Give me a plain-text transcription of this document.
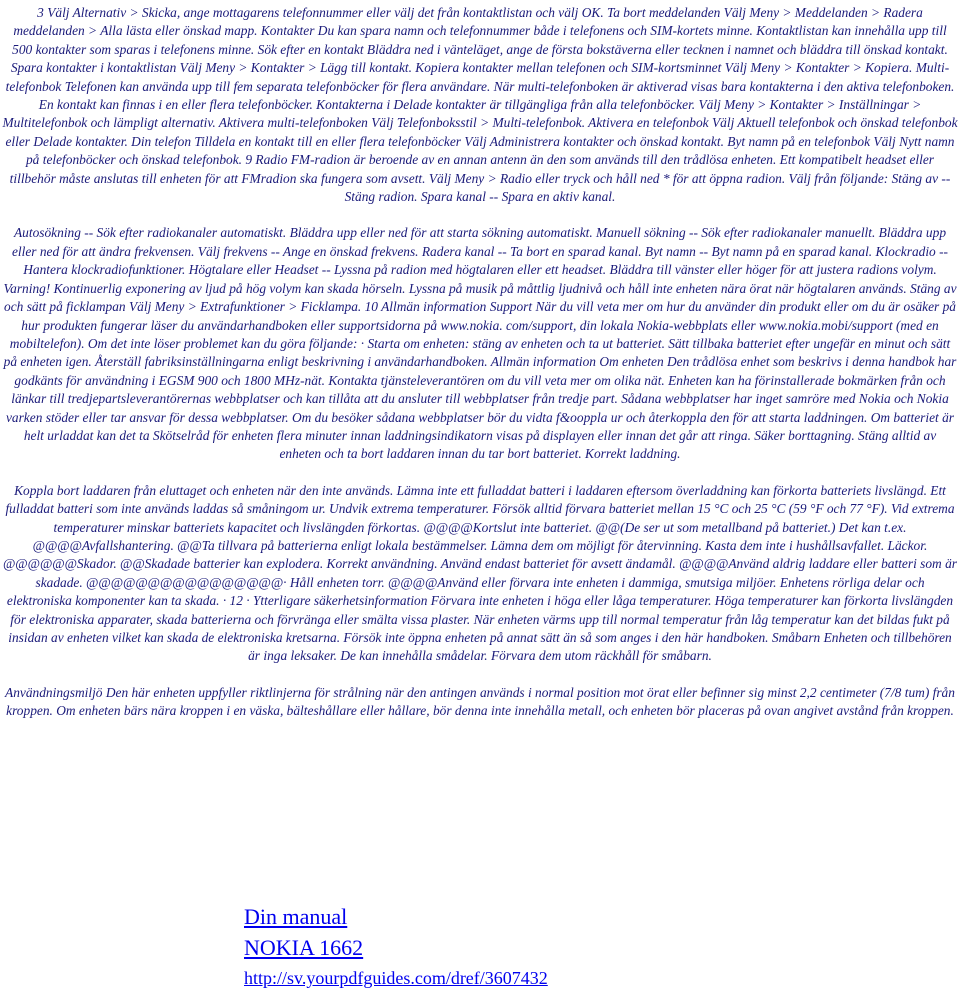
3 Välj Alternativ > Skicka, ange mottagarens telefonnummer eller välj det från kontaktlistan och välj OK. Ta bort meddelanden Välj Meny > Meddelanden > Radera meddelanden > Alla lästa eller önskad mapp. Kontakter Du kan spara namn och telefonnummer både i telefonens och SIM-kortets minne. Kontaktlistan kan innehålla upp till 500 kontakter som sparas i telefonens minne. Sök efter en kontakt Bläddra ned i vänteläget, ange de första bokstäverna eller tecknen i namnet och bläddra till önskad kontakt. Spara kontakter i kontaktlistan Välj Meny > Kontakter > Lägg till kontakt. Kopiera kontakter mellan telefonen och SIM-kortsminnet Välj Meny > Kontakter > Kopiera. Multi-telefonbok Telefonen kan använda upp till fem separata telefonböcker för flera användare. När multi-telefonboken är aktiverad visas bara kontakterna i den aktiva telefonboken. En kontakt kan finnas i en eller flera telefonböcker. Kontakterna i Delade kontakter är tillgängliga från alla telefonböcker. Välj Meny > Kontakter > Inställningar > Multitelefonbok och lämpligt alternativ. Aktivera multi-telefonboken Välj Telefonboksstil > Multi-telefonbok. Aktivera en telefonbok Välj Aktuell telefonbok och önskad telefonbok eller Delade kontakter. Din telefon Tilldela en kontakt till en eller flera telefonböcker Välj Administrera kontakter och önskad kontakt. Byt namn på en telefonbok Välj Nytt namn på telefonböcker och önskad telefonbok. 9 Radio FM-radion är beroende av en annan antenn än den som används till den trådlösa enheten. Ett kompatibelt headset eller tillbehör måste anslutas till enheten för att FMradion ska fungera som avsett. Välj Meny > Radio eller tryck och håll ned * för att öppna radion. Välj från följande: Stäng av -- Stäng radion. Spara kanal -- Spara en aktiv kanal.

Autosökning -- Sök efter radiokanaler automatiskt. Bläddra upp eller ned för att starta sökning automatiskt. Manuell sökning -- Sök efter radiokanaler manuellt. Bläddra upp eller ned för att ändra frekvensen. Välj frekvens -- Ange en önskad frekvens. Radera kanal -- Ta bort en sparad kanal. Byt namn -- Byt namn på en sparad kanal. Klockradio -- Hantera klockradiofunktioner. Högtalare eller Headset -- Lyssna på radion med högtalaren eller ett headset. Bläddra till vänster eller höger för att justera radions volym. Varning! Kontinuerlig exponering av ljud på hög volym kan skada hörseln. Lyssna på musik på måttlig ljudnivå och håll inte enheten nära örat när högtalaren används. Stäng av och sätt på ficklampan Välj Meny > Extrafunktioner > Ficklampa. 10 Allmän information Support När du vill veta mer om hur du använder din produkt eller om du är osäker på hur produkten fungerar läser du användarhandboken eller supportsidorna på www.nokia. com/support, din lokala Nokia-webbplats eller www.nokia.mobi/support (med en mobiltelefon). Om det inte löser problemet kan du göra följande: · Starta om enheten: stäng av enheten och ta ut batteriet. Sätt tillbaka batteriet efter ungefär en minut och sätt på enheten igen. Återställ fabriksinställningarna enligt beskrivning i användarhandboken. Allmän information Om enheten Den trådlösa enhet som beskrivs i denna handbok har godkänts för användning i EGSM 900 och 1800 MHz-nät. Kontakta tjänsteleverantören om du vill veta mer om olika nät. Enheten kan ha förinstallerade bokmärken från och länkar till tredjepartsleverantörernas webbplatser och kan tillåta att du ansluter till webbplatser från tredje part. Sådana webbplatser har inget samröre med Nokia och Nokia varken stöder eller tar ansvar för dessa webbplatser. Om du besöker sådana webbplatser bör du vidta f&ooppla ur och återkoppla den för att starta laddningen. Om batteriet är helt urladdat kan det ta Skötselråd för enheten flera minuter innan laddningsindikatorn visas på displayen eller innan det går att ringa. Säker borttagning. Stäng alltid av enheten och ta bort laddaren innan du tar bort batteriet. Korrekt laddning.

Koppla bort laddaren från eluttaget och enheten när den inte används. Lämna inte ett fulladdat batteri i laddaren eftersom överladdning kan förkorta batteriets livslängd. Ett fulladdat batteri som inte används laddas så småningom ur. Undvik extrema temperaturer. Försök alltid förvara batteriet mellan 15 °C och 25 °C (59 °F och 77 °F). Vid extrema temperaturer minskar batteriets kapacitet och livslängden förkortas. @@@@Kortslut inte batteriet. @@(De ser ut som metallband på batteriet.) Det kan t.ex. @@@@Avfallshantering. @@Ta tillvara på batterierna enligt lokala bestämmelser. Lämna dem om möjligt för återvinning. Kasta dem inte i hushållsavfallet. Läckor. @@@@@@Skador. @@Skadade batterier kan explodera. Korrekt användning. Använd endast batteriet för avsett ändamål. @@@@Använd aldrig laddare eller batteri som är skadade. @@@@@@@@@@@@@@@@· Håll enheten torr. @@@@Använd eller förvara inte enheten i dammiga, smutsiga miljöer. Enhetens rörliga delar och elektroniska komponenter kan ta skada. · 12 · Ytterligare säkerhetsinformation Förvara inte enheten i höga eller låga temperaturer. Höga temperaturer kan förkorta livslängden för elektroniska apparater, skada batterierna och förvränga eller smälta vissa plaster. När enheten värms upp till normal temperatur från låg temperatur kan det bildas fukt på insidan av enheten vilket kan skada de elektroniska kretsarna. Försök inte öppna enheten på annat sätt än så som anges i den här handboken. Småbarn Enheten och tillbehören är inga leksaker. De kan innehålla smådelar. Förvara dem utom räckhåll för småbarn.

Användningsmiljö Den här enheten uppfyller riktlinjerna för strålning när den antingen används i normal position mot örat eller befinner sig minst 2,2 centimeter (7/8 tum) från kroppen. Om enheten bärs nära kroppen i en väska, bälteshållare eller hållare, bör denna inte innehålla metall, och enheten bör placeras på ovan angivet avstånd från kroppen.

Din manual
NOKIA 1662
http://sv.yourpdfguides.com/dref/3607432
